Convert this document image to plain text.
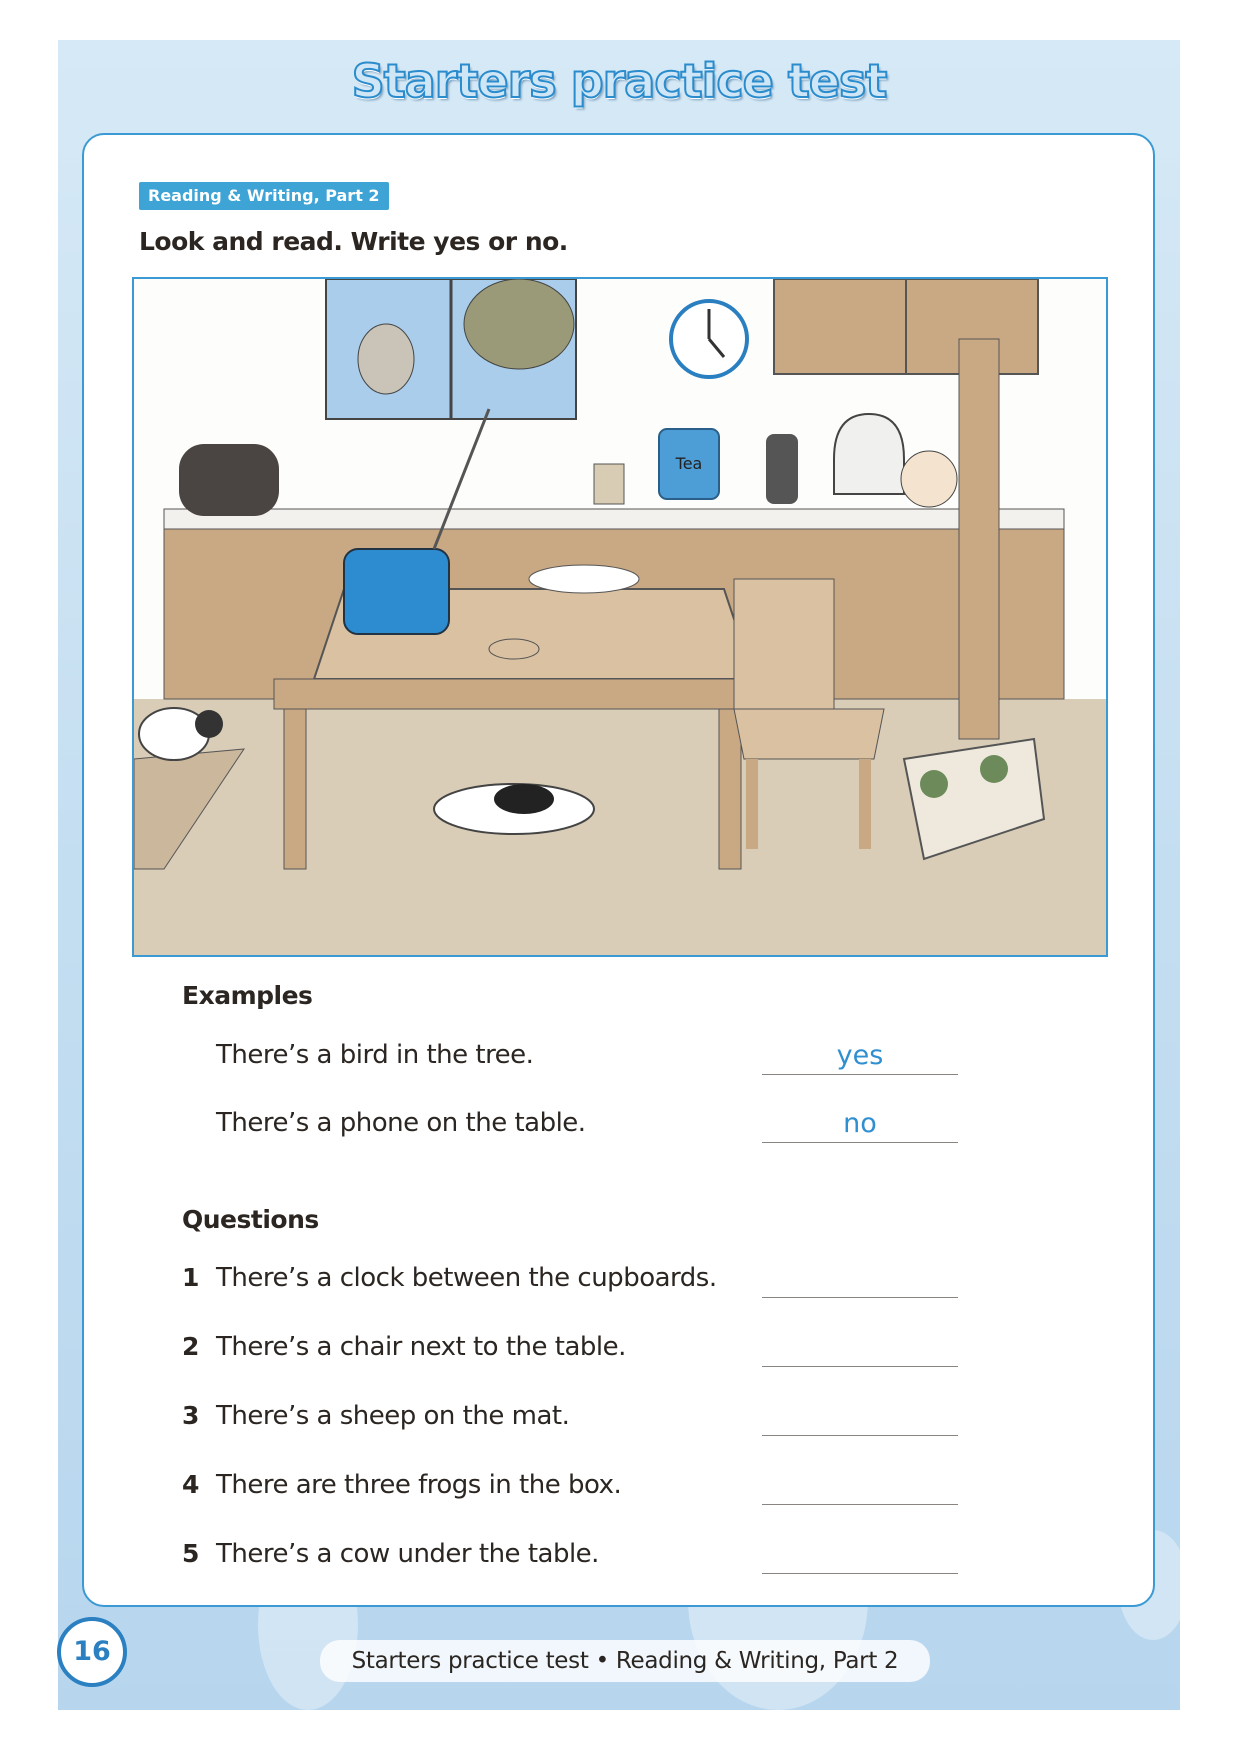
Starters practice test
Reading & Writing, Part 2
Look and read. Write yes or no.
Tea
Examples
There’s a bird in the tree.	yes
There’s a phone on the table.	no
Questions
1 There’s a clock between the cupboards.
2 There’s a chair next to the table.
3 There’s a sheep on the mat.
4 There are three frogs in the box.
5 There’s a cow under the table.
16	Starters practice test • Reading & Writing, Part 2
